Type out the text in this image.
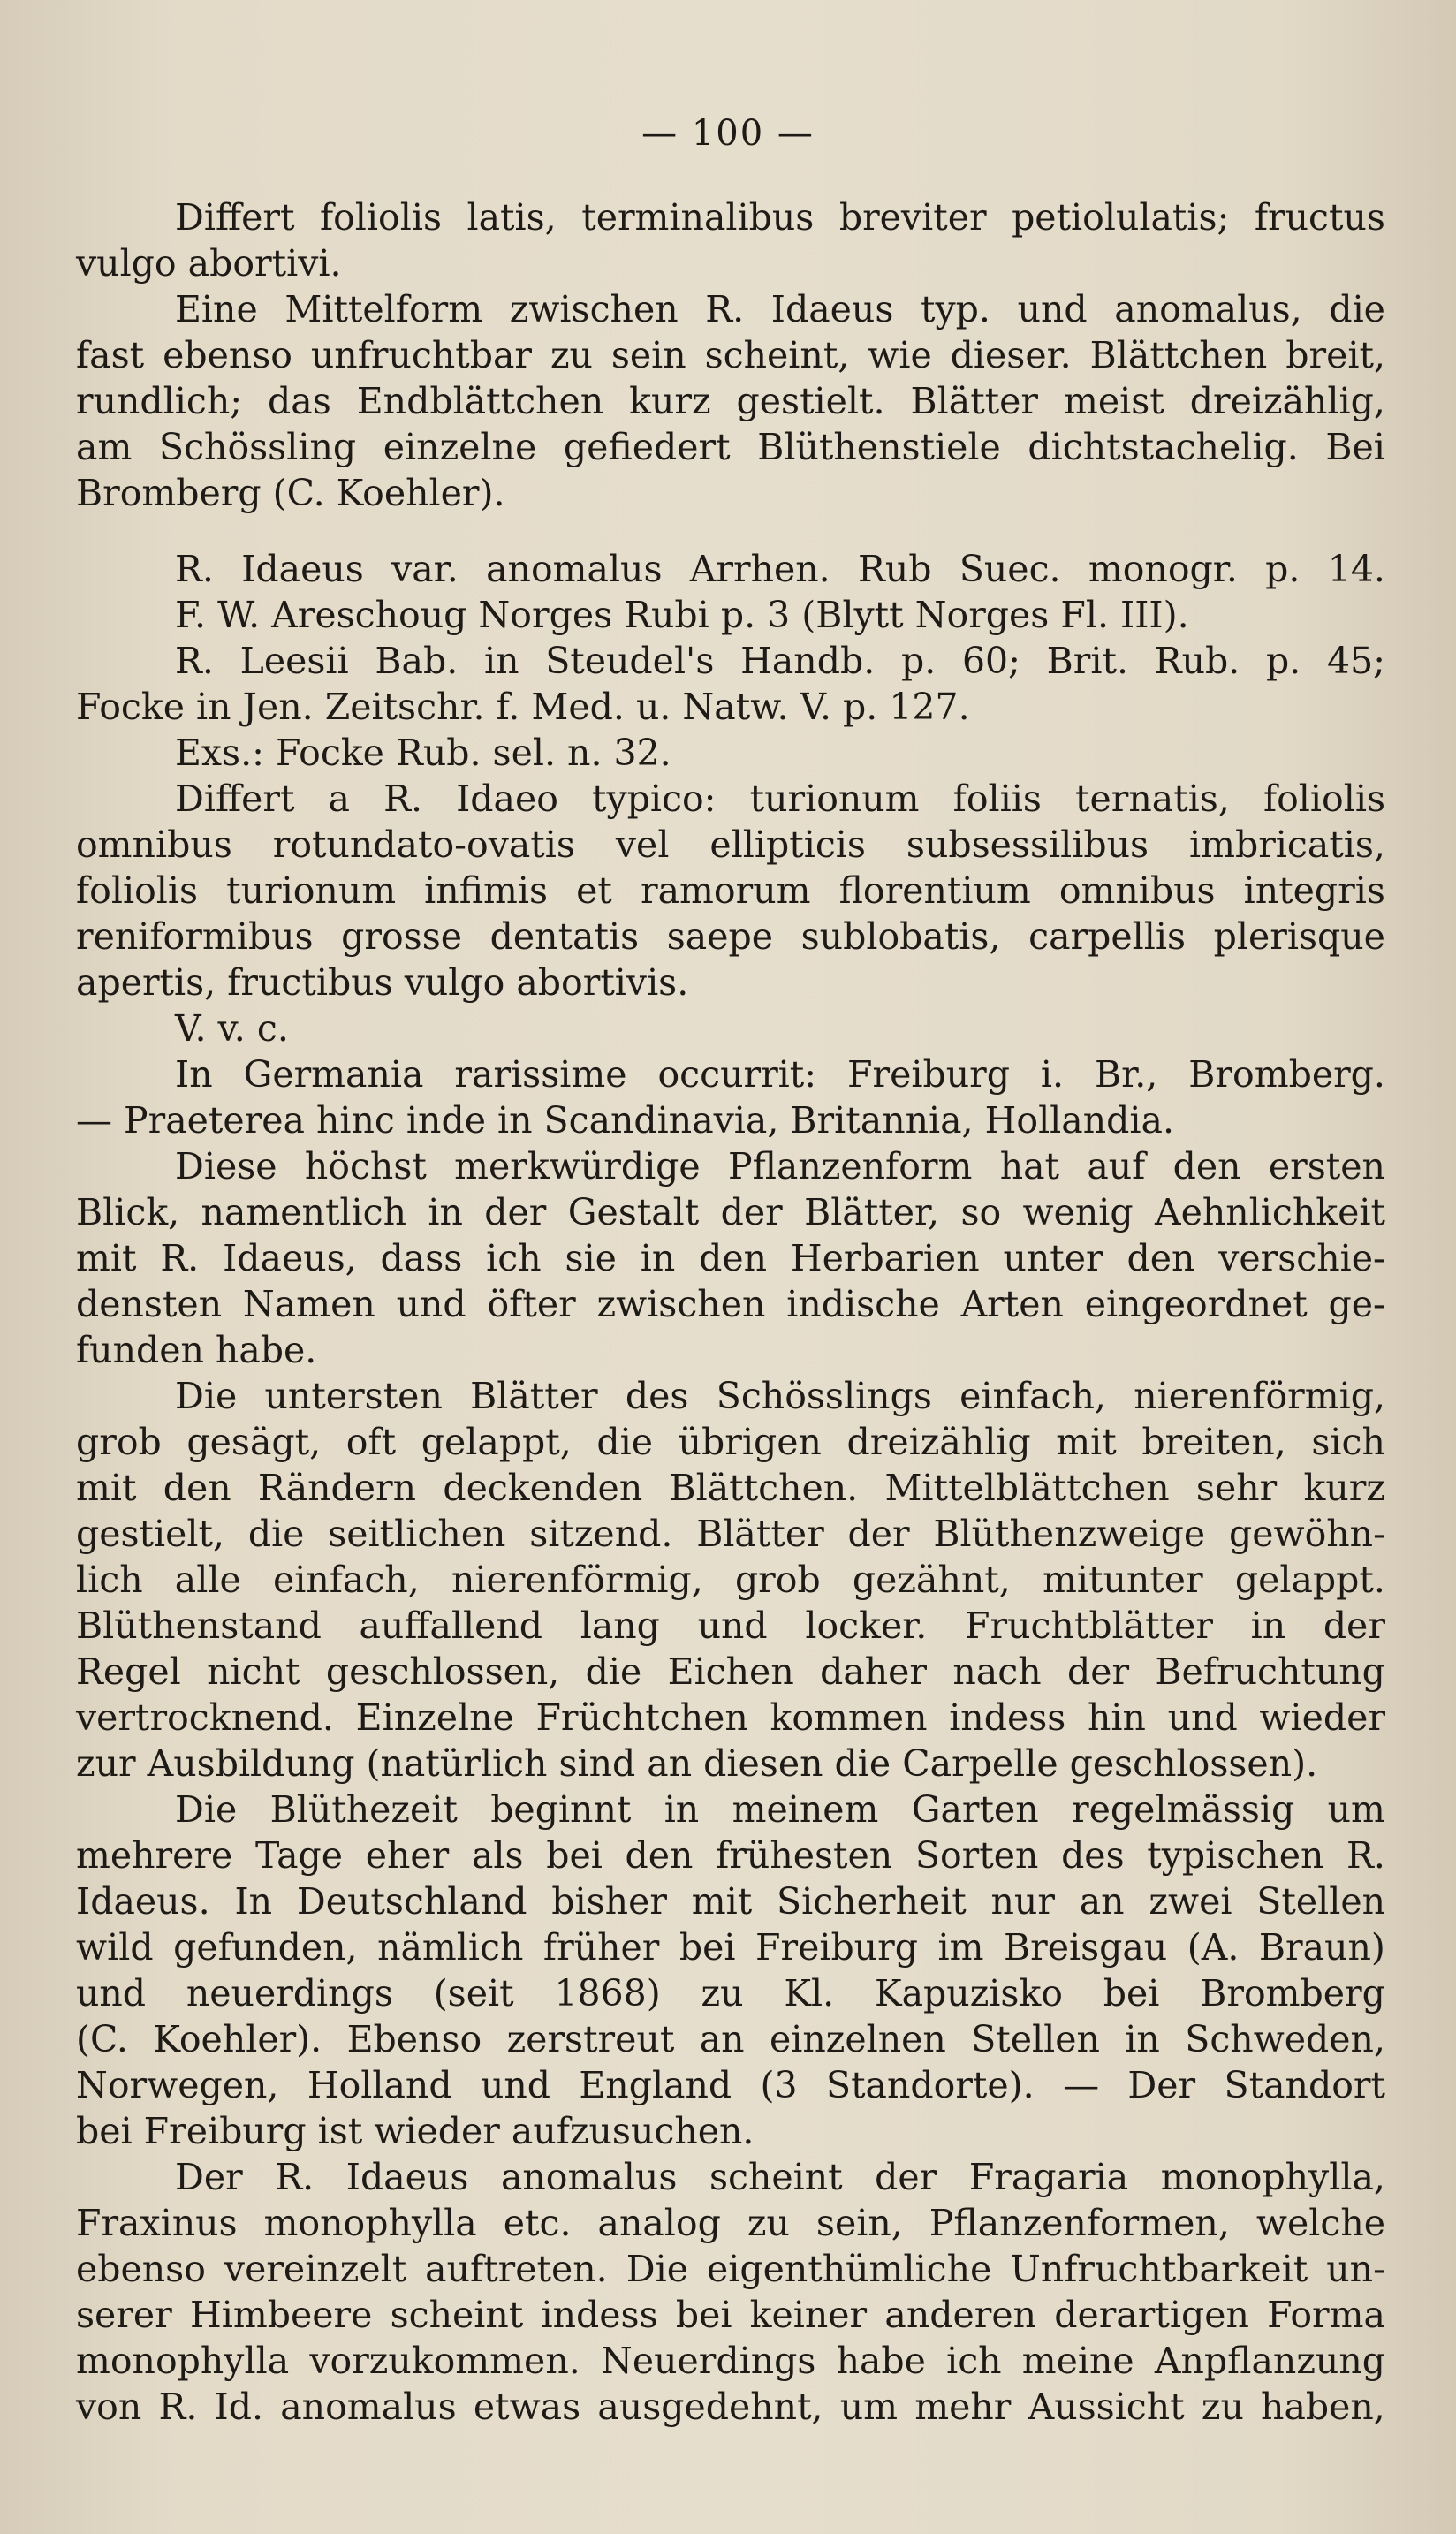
— 100 —
Differt foliolis latis, terminalibus breviter petiolulatis; fructus
vulgo abortivi.
Eine Mittelform zwischen R. Idaeus typ. und anomalus, die
fast ebenso unfruchtbar zu sein scheint, wie dieser. Blättchen breit,
rundlich; das Endblättchen kurz gestielt. Blätter meist dreizählig,
am Schössling einzelne gefiedert Blüthenstiele dichtstachelig. Bei
Bromberg (C. Koehler).
R. Idaeus var. anomalus Arrhen. Rub Suec. monogr. p. 14.
F. W. Areschoug Norges Rubi p. 3 (Blytt Norges Fl. III).
R. Leesii Bab. in Steudel's Handb. p. 60; Brit. Rub. p. 45;
Focke in Jen. Zeitschr. f. Med. u. Natw. V. p. 127.
Exs.: Focke Rub. sel. n. 32.
Differt a R. Idaeo typico: turionum foliis ternatis, foliolis
omnibus rotundato-ovatis vel ellipticis subsessilibus imbricatis,
foliolis turionum infimis et ramorum florentium omnibus integris
reniformibus grosse dentatis saepe sublobatis, carpellis plerisque
apertis, fructibus vulgo abortivis.
V. v. c.
In Germania rarissime occurrit: Freiburg i. Br., Bromberg.
— Praeterea hinc inde in Scandinavia, Britannia, Hollandia.
Diese höchst merkwürdige Pflanzenform hat auf den ersten
Blick, namentlich in der Gestalt der Blätter, so wenig Aehnlichkeit
mit R. Idaeus, dass ich sie in den Herbarien unter den verschie-
densten Namen und öfter zwischen indische Arten eingeordnet ge-
funden habe.
Die untersten Blätter des Schösslings einfach, nierenförmig,
grob gesägt, oft gelappt, die übrigen dreizählig mit breiten, sich
mit den Rändern deckenden Blättchen. Mittelblättchen sehr kurz
gestielt, die seitlichen sitzend. Blätter der Blüthenzweige gewöhn-
lich alle einfach, nierenförmig, grob gezähnt, mitunter gelappt.
Blüthenstand auffallend lang und locker. Fruchtblätter in der
Regel nicht geschlossen, die Eichen daher nach der Befruchtung
vertrocknend. Einzelne Früchtchen kommen indess hin und wieder
zur Ausbildung (natürlich sind an diesen die Carpelle geschlossen).
Die Blüthezeit beginnt in meinem Garten regelmässig um
mehrere Tage eher als bei den frühesten Sorten des typischen R.
Idaeus. In Deutschland bisher mit Sicherheit nur an zwei Stellen
wild gefunden, nämlich früher bei Freiburg im Breisgau (A. Braun)
und neuerdings (seit 1868) zu Kl. Kapuzisko bei Bromberg
(C. Koehler). Ebenso zerstreut an einzelnen Stellen in Schweden,
Norwegen, Holland und England (3 Standorte). — Der Standort
bei Freiburg ist wieder aufzusuchen.
Der R. Idaeus anomalus scheint der Fragaria monophylla,
Fraxinus monophylla etc. analog zu sein, Pflanzenformen, welche
ebenso vereinzelt auftreten. Die eigenthümliche Unfruchtbarkeit un-
serer Himbeere scheint indess bei keiner anderen derartigen Forma
monophylla vorzukommen. Neuerdings habe ich meine Anpflanzung
von R. Id. anomalus etwas ausgedehnt, um mehr Aussicht zu haben,
